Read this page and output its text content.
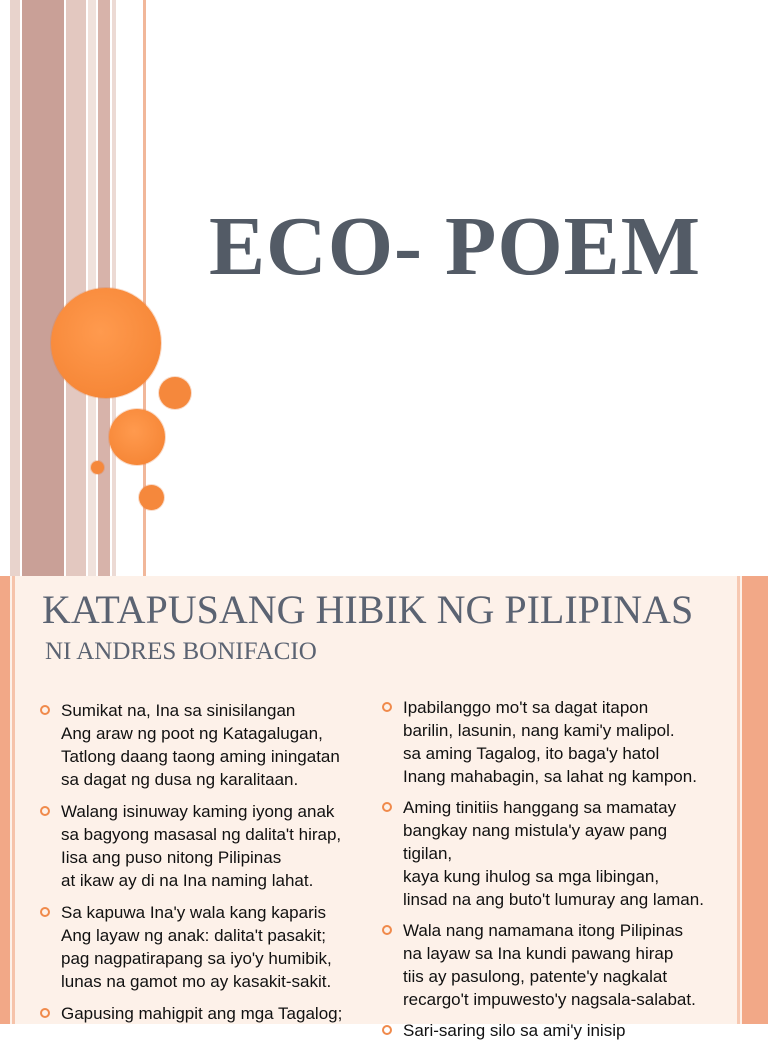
ECO- POEM
KATAPUSANG HIBIK NG PILIPINAS
NI ANDRES BONIFACIO
Sumikat na, Ina sa sinisilangan
Ang araw ng poot ng Katagalugan,
Tatlong daang taong aming iningatan
sa dagat ng dusa ng karalitaan.
Walang isinuway kaming iyong anak
sa bagyong masasal ng dalita't hirap,
Iisa ang puso nitong Pilipinas
at ikaw ay di na Ina naming lahat.
Sa kapuwa Ina'y wala kang kaparis
Ang layaw ng anak: dalita't pasakit;
pag nagpatirapang sa iyo'y humibik,
lunas na gamot mo ay kasakit-sakit.
Gapusing mahigpit ang mga Tagalog;
Ipabilanggo mo't sa dagat itapon
barilin, lasunin, nang kami'y malipol.
sa aming Tagalog, ito baga'y hatol
Inang mahabagin, sa lahat ng kampon.
Aming tinitiis hanggang sa mamatay
bangkay nang mistula'y ayaw pang
tigilan,
kaya kung ihulog sa mga libingan,
linsad na ang buto't lumuray ang laman.
Wala nang namamana itong Pilipinas
na layaw sa Ina kundi pawang hirap
tiis ay pasulong, patente'y nagkalat
recargo't impuwesto'y nagsala-salabat.
Sari-saring silo sa ami'y inisip
